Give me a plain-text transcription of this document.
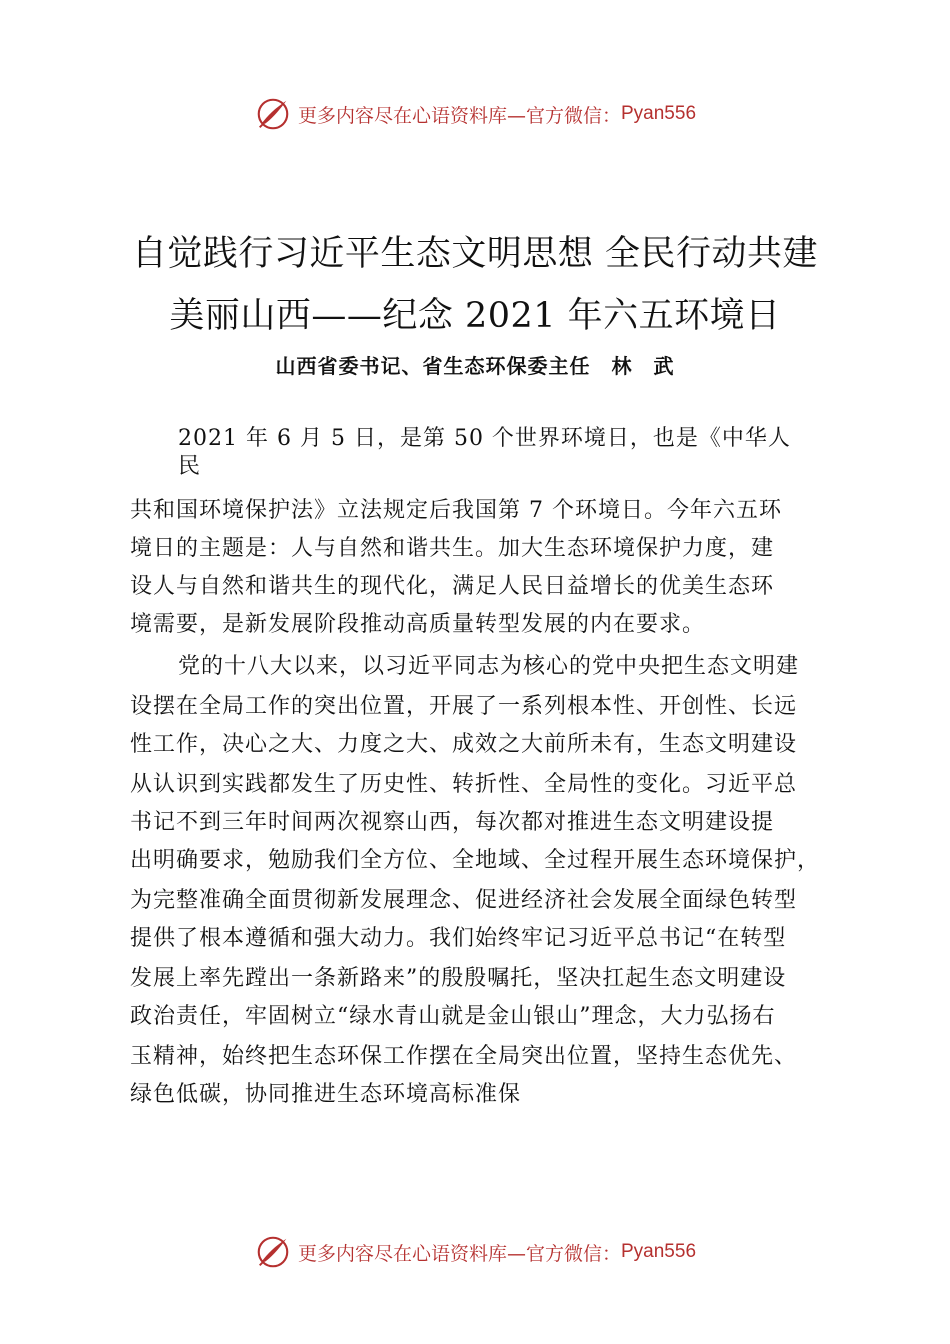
更多内容尽在心语资料库— 官方微信： Pyan556
自觉践行习近平生态文明思想 全民行动共建
美丽山西——纪念 2021 年六五环境日
山西省委书记、省生态环保委主任　林　武
2021 年 6 月 5 日，是第 50 个世界环境日，也是《中华人
民
共和国环境保护法》立法规定后我国第 7 个环境日。今年六五环
境日的主题是：人与自然和谐共生。加大生态环境保护力度，建
设人与自然和谐共生的现代化，满足人民日益增长的优美生态环
境需要，是新发展阶段推动高质量转型发展的内在要求。
党的十八大以来，以习近平同志为核心的党中央把生态文明建
设摆在全局工作的突出位置，开展了一系列根本性、开创性、长远
性工作，决心之大、力度之大、成效之大前所未有，生态文明建设
从认识到实践都发生了历史性、转折性、全局性的变化。习近平总
书记不到三年时间两次视察山西，每次都对推进生态文明建设提
出明确要求，勉励我们全方位、全地域、全过程开展生态环境保护，
为完整准确全面贯彻新发展理念、促进经济社会发展全面绿色转型
提供了根本遵循和强大动力。我们始终牢记习近平总书记“在转型
发展上率先蹚出一条新路来”的殷殷嘱托，坚决扛起生态文明建设
政治责任，牢固树立“绿水青山就是金山银山”理念，大力弘扬右
玉精神，始终把生态环保工作摆在全局突出位置，坚持生态优先、
绿色低碳，协同推进生态环境高标准保
更多内容尽在心语资料库— 官方微信： Pyan556
